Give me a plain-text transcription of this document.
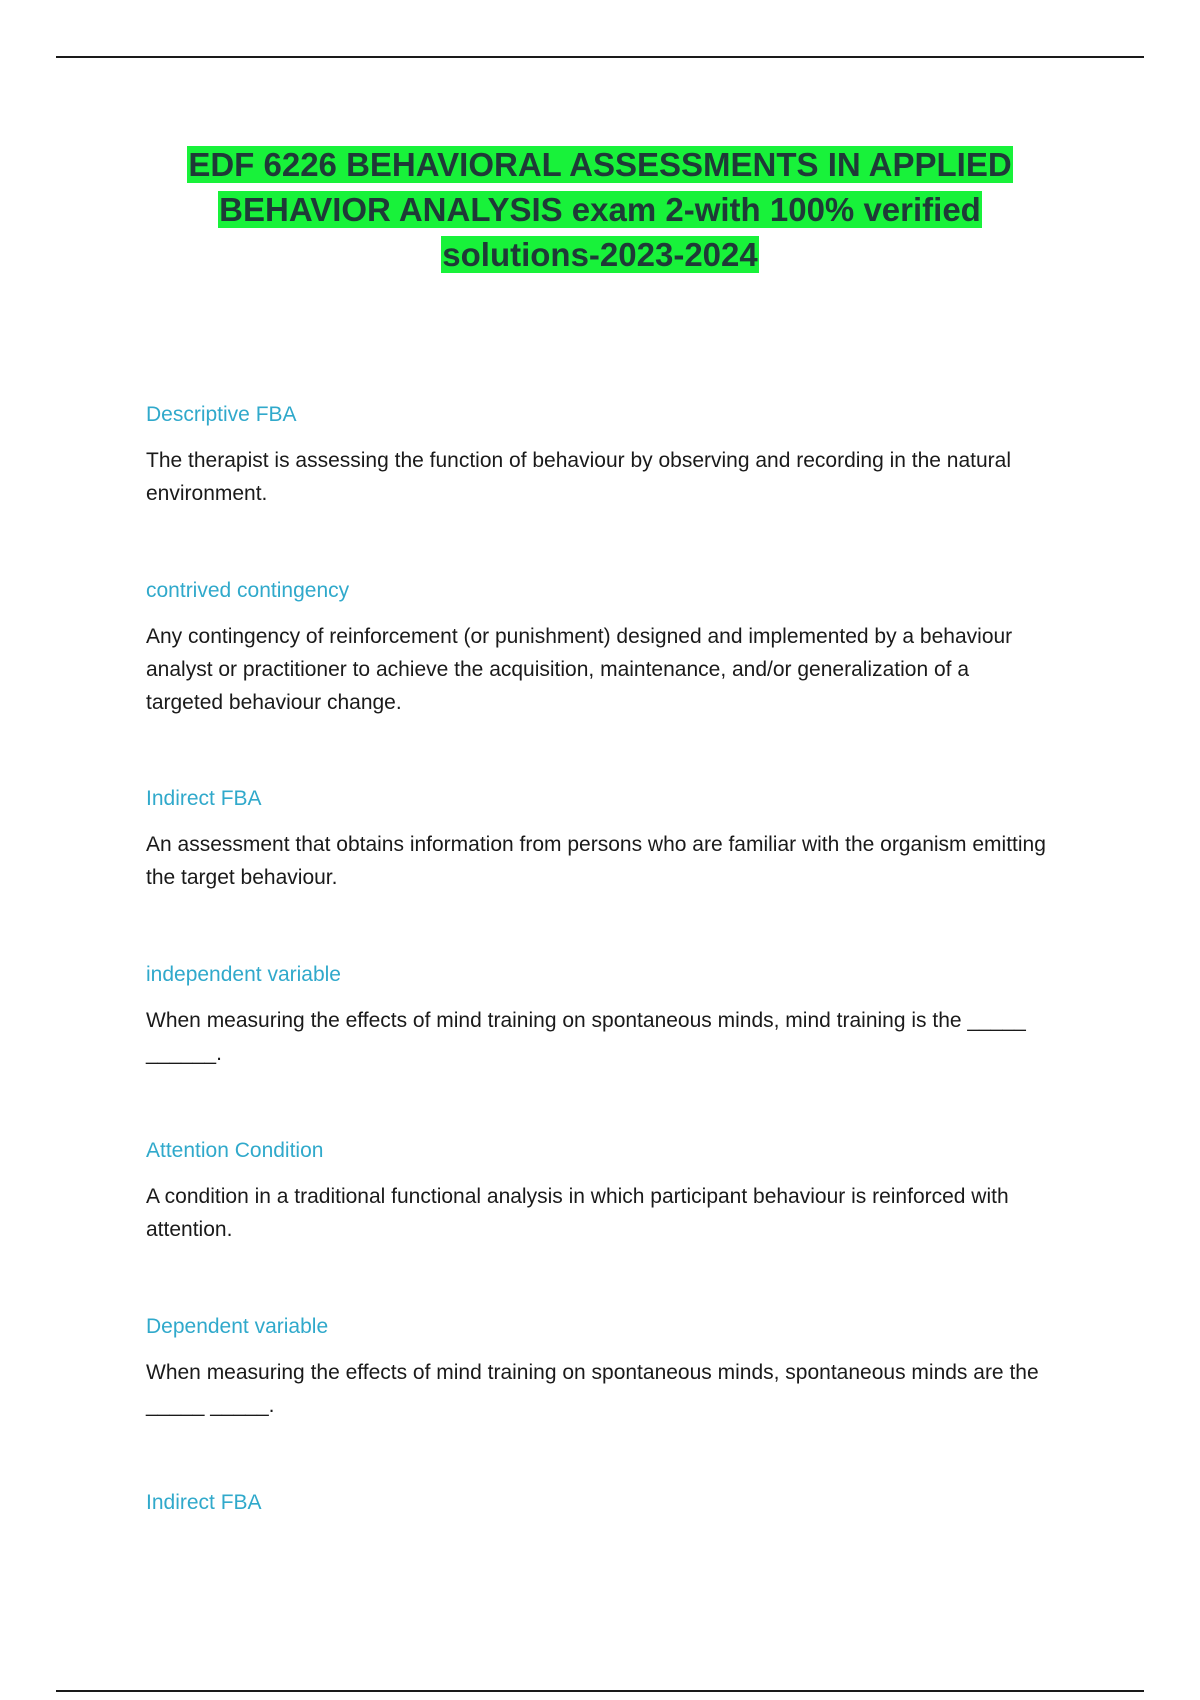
EDF 6226 BEHAVIORAL ASSESSMENTS IN APPLIED BEHAVIOR ANALYSIS exam 2-with 100% verified solutions-2023-2024
Descriptive FBA
The therapist is assessing the function of behaviour by observing and recording in the natural environment.
contrived contingency
Any contingency of reinforcement (or punishment) designed and implemented by a behaviour analyst or practitioner to achieve the acquisition, maintenance, and/or generalization of a targeted behaviour change.
Indirect FBA
An assessment that obtains information from persons who are familiar with the organism emitting the target behaviour.
independent variable
When measuring the effects of mind training on spontaneous minds, mind training is the _____ ______.
Attention Condition
A condition in a traditional functional analysis in which participant behaviour is reinforced with attention.
Dependent variable
When measuring the effects of mind training on spontaneous minds, spontaneous minds are the _____ _____.
Indirect FBA
